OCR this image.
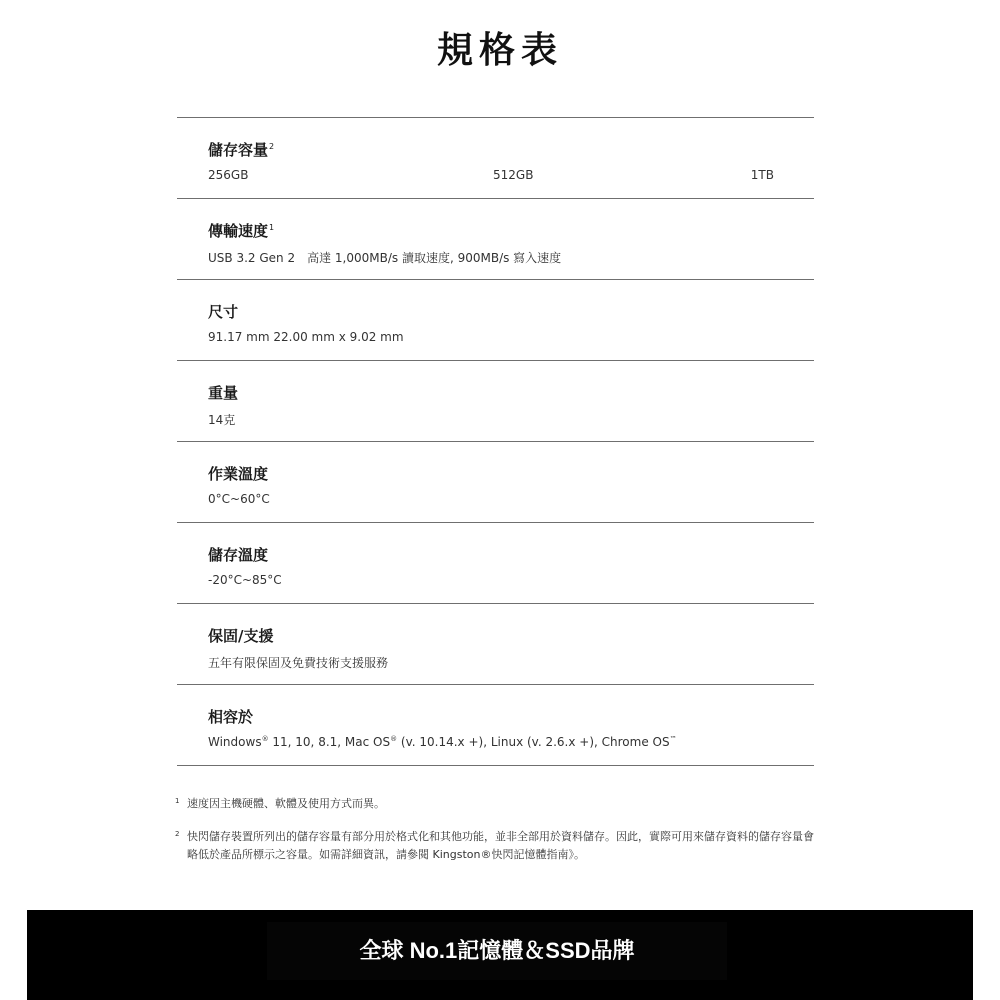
規格表
儲存容量$^2$
256GB	512GB	1TB
傳輸速度$^1$
USB 3.2 Gen 2　高達 1,000MB/s 讀取速度, 900MB/s 寫入速度
尺寸
91.17 mm 22.00 mm x 9.02 mm
重量
14克
作業溫度
0°C~60°C
儲存溫度
-20°C~85°C
保固/支援
五年有限保固及免費技術支援服務
相容於
Windows® 11, 10, 8.1, Mac OS® (v. 10.14.x +), Linux (v. 2.6.x +), Chrome OS™
1 速度因主機硬體、軟體及使用方式而異。
2 快閃儲存裝置所列出的儲存容量有部分用於格式化和其他功能，並非全部用於資料儲存。因此，實際可用來儲存資料的儲存容量會略低於產品所標示之容量。如需詳細資訊，請參閱 Kingston®快閃記憶體指南》。
全球 No.1記憶體＆SSD品牌
